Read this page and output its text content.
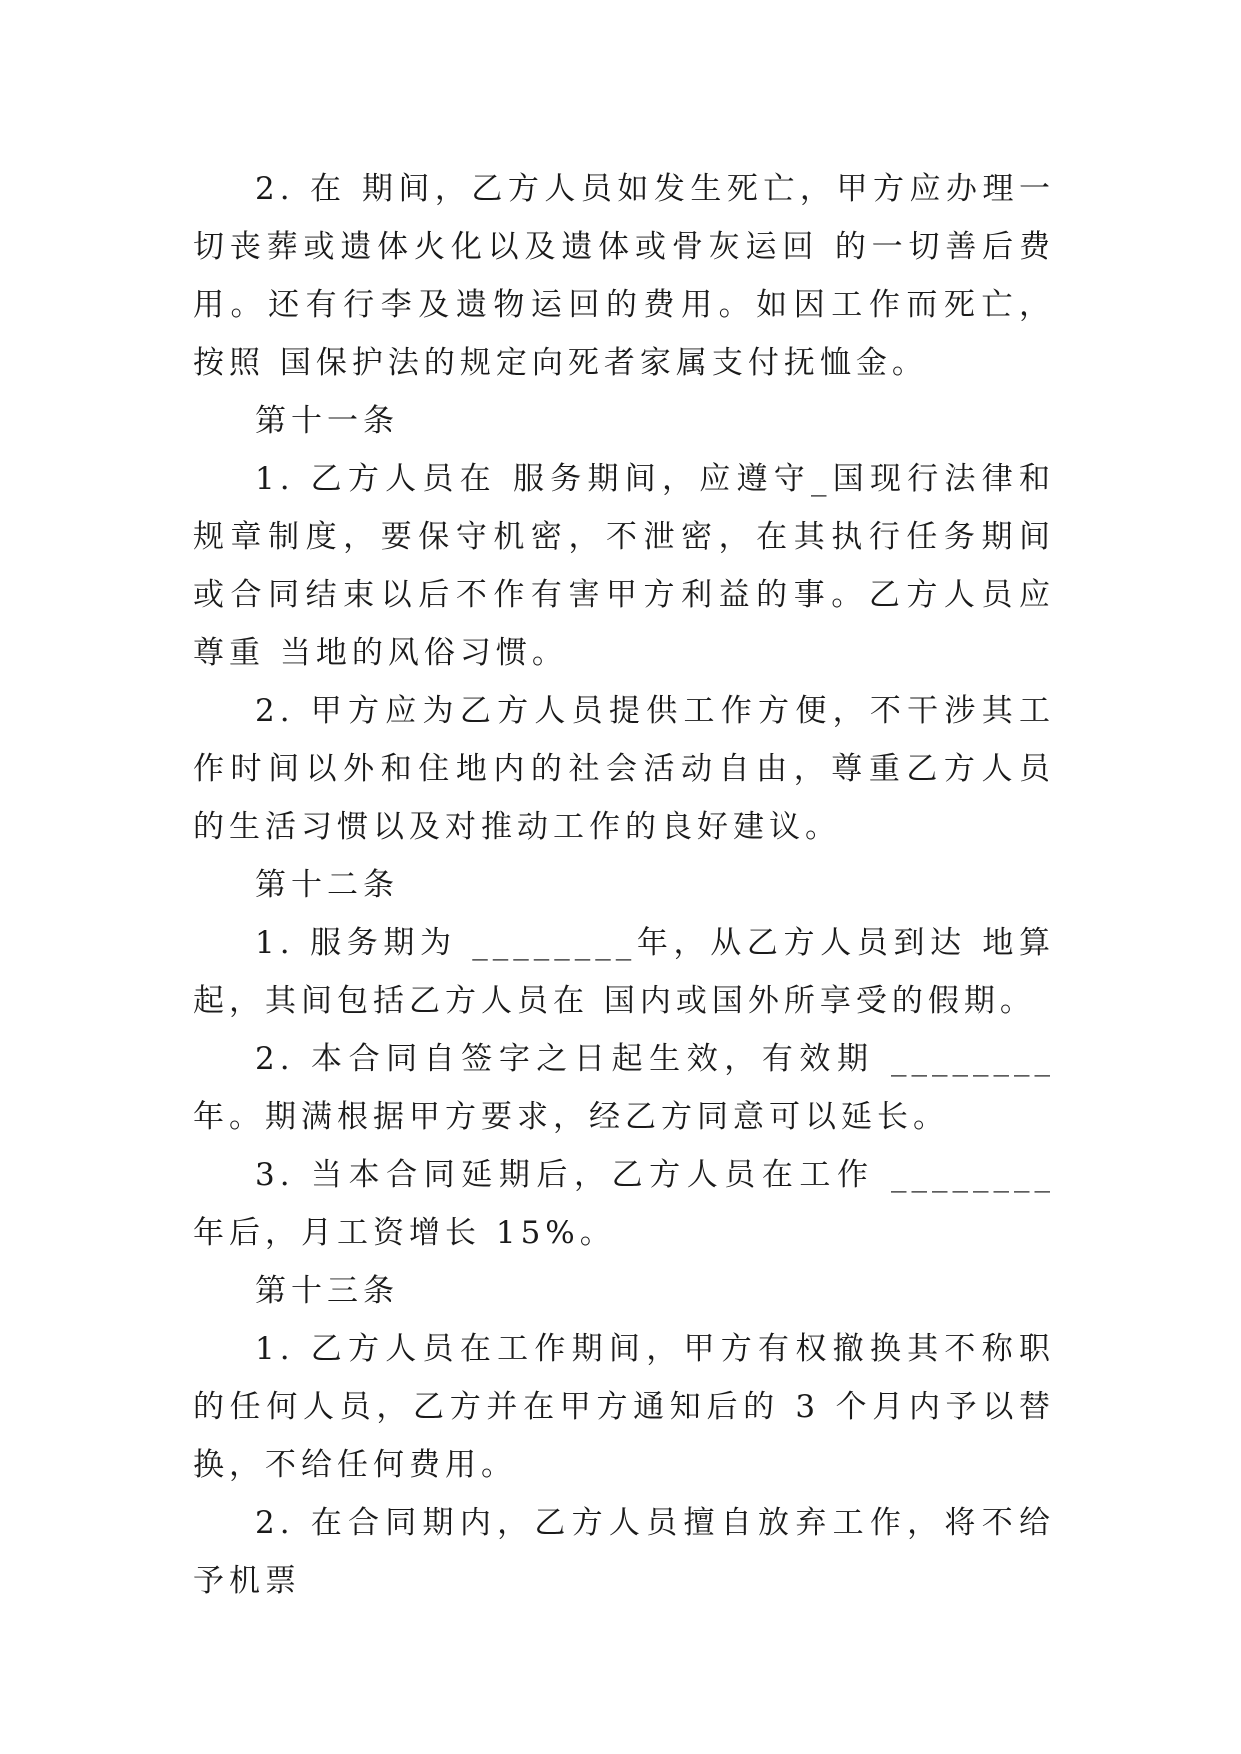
2. 在 期间，乙方人员如发生死亡，甲方应办理一切丧葬或遗体火化以及遗体或骨灰运回 的一切善后费用。还有行李及遗物运回的费用。如因工作而死亡，按照 国保护法的规定向死者家属支付抚恤金。

第十一条

1. 乙方人员在 服务期间，应遵守_国现行法律和规章制度，要保守机密，不泄密，在其执行任务期间或合同结束以后不作有害甲方利益的事。乙方人员应尊重 当地的风俗习惯。

2. 甲方应为乙方人员提供工作方便，不干涉其工作时间以外和住地内的社会活动自由，尊重乙方人员的生活习惯以及对推动工作的良好建议。

第十二条

1. 服务期为 ________年，从乙方人员到达 地算起，其间包括乙方人员在 国内或国外所享受的假期。

2. 本合同自签字之日起生效，有效期 ________年。期满根据甲方要求，经乙方同意可以延长。

3. 当本合同延期后，乙方人员在工作 ________年后，月工资增长 15%。

第十三条

1. 乙方人员在工作期间，甲方有权撤换其不称职的任何人员，乙方并在甲方通知后的 3 个月内予以替换，不给任何费用。

2. 在合同期内，乙方人员擅自放弃工作，将不给予机票
